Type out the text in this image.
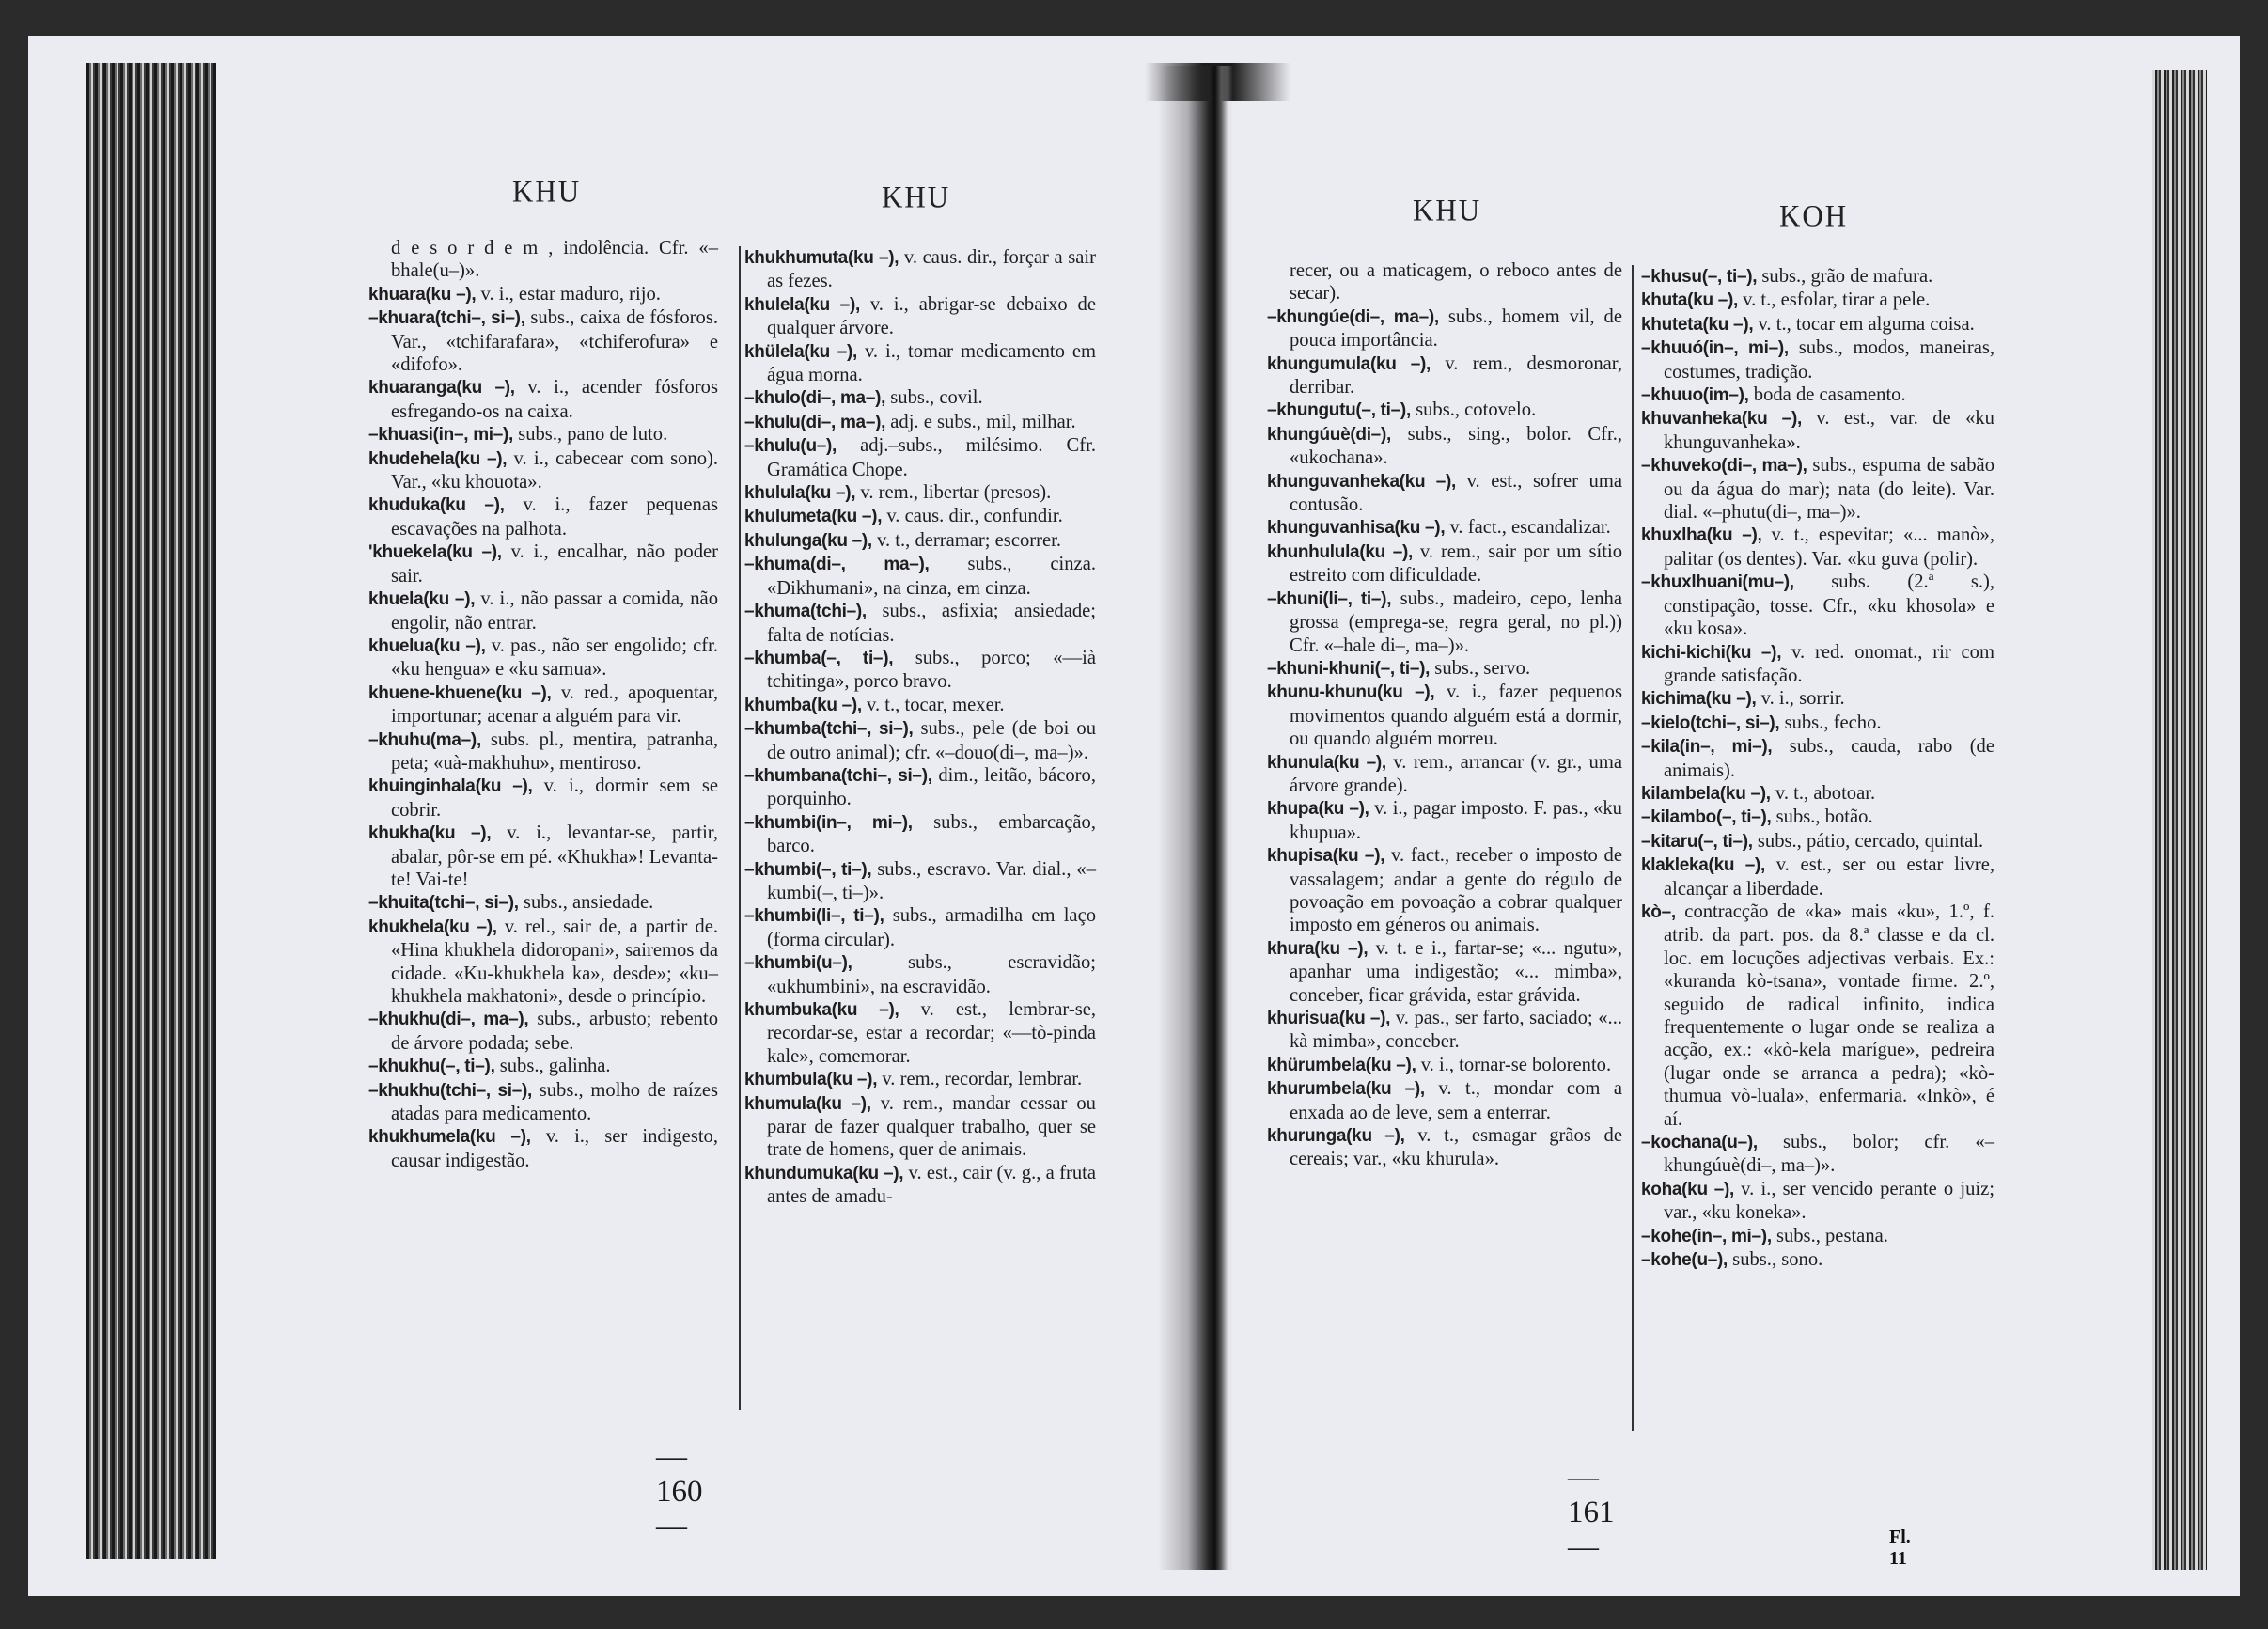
KHU	KHU

d e s o r d e m , indolência. Cfr. «–bhale(u–)».

khuara(ku –), v. i., estar maduro, rijo.

–khuara(tchi–, si–), subs., caixa de fósforos. Var., «tchifarafara», «tchiferofura» e «difofo».

khuaranga(ku –), v. i., acender fósforos esfregando-os na caixa.

–khuasi(in–, mi–), subs., pano de luto.

khudehela(ku –), v. i., cabecear com sono). Var., «ku khouota».

khuduka(ku –), v. i., fazer pequenas escavações na palhota.

'khuekela(ku –), v. i., encalhar, não poder sair.

khuela(ku –), v. i., não passar a comida, não engolir, não entrar.

khuelua(ku –), v. pas., não ser engolido; cfr. «ku hengua» e «ku samua».

khuene-khuene(ku –), v. red., apoquentar, importunar; acenar a alguém para vir.

–khuhu(ma–), subs. pl., mentira, patranha, peta; «uà-makhuhu», mentiroso.

khuinginhala(ku –), v. i., dormir sem se cobrir.

khukha(ku –), v. i., levantar-se, partir, abalar, pôr-se em pé. «Khukha»! Levanta-te! Vai-te!

–khuita(tchi–, si–), subs., ansiedade.

khukhela(ku –), v. rel., sair de, a partir de. «Hina khukhela didoropani», sairemos da cidade. «Ku-khukhela ka», desde»; «ku–khukhela makhatoni», desde o princípio.

–khukhu(di–, ma–), subs., arbusto; rebento de árvore podada; sebe.

–khukhu(–, ti–), subs., galinha.

–khukhu(tchi–, si–), subs., molho de raízes atadas para medicamento.

khukhumela(ku –), v. i., ser indigesto, causar indigestão.

khukhumuta(ku –), v. caus. dir., forçar a sair as fezes.

khulela(ku –), v. i., abrigar-se debaixo de qualquer árvore.

khülela(ku –), v. i., tomar medicamento em água morna.

–khulo(di–, ma–), subs., covil.

–khulu(di–, ma–), adj. e subs., mil, milhar.

–khulu(u–), adj.–subs., milésimo. Cfr. Gramática Chope.

khulula(ku –), v. rem., libertar (presos).

khulumeta(ku –), v. caus. dir., confundir.

khulunga(ku –), v. t., derramar; escorrer.

–khuma(di–, ma–), subs., cinza. «Dikhumani», na cinza, em cinza.

–khuma(tchi–), subs., asfixia; ansiedade; falta de notícias.

–khumba(–, ti–), subs., porco; «—ià tchitinga», porco bravo.

khumba(ku –), v. t., tocar, mexer.

–khumba(tchi–, si–), subs., pele (de boi ou de outro animal); cfr. «–douo(di–, ma–)».

–khumbana(tchi–, si–), dim., leitão, bácoro, porquinho.

–khumbi(in–, mi–), subs., embarcação, barco.

–khumbi(–, ti–), subs., escravo. Var. dial., «–kumbi(–, ti–)».

–khumbi(li–, ti–), subs., armadilha em laço (forma circular).

–khumbi(u–), subs., escravidão; «ukhumbini», na escravidão.

khumbuka(ku –), v. est., lembrar-se, recordar-se, estar a recordar; «—tò-pinda kale», comemorar.

khumbula(ku –), v. rem., recordar, lembrar.

khumula(ku –), v. rem., mandar cessar ou parar de fazer qualquer trabalho, quer se trate de homens, quer de animais.

khundumuka(ku –), v. est., cair (v. g., a fruta antes de amadu-

— 160 —
KHU	KOH

recer, ou a maticagem, o reboco antes de secar).

–khungúe(di–, ma–), subs., homem vil, de pouca importância.

khungumula(ku –), v. rem., desmoronar, derribar.

–khungutu(–, ti–), subs., cotovelo.

khungúuè(di–), subs., sing., bolor. Cfr., «ukochana».

khunguvanheka(ku –), v. est., sofrer uma contusão.

khunguvanhisa(ku –), v. fact., escandalizar.

khunhulula(ku –), v. rem., sair por um sítio estreito com dificuldade.

–khuni(li–, ti–), subs., madeiro, cepo, lenha grossa (emprega-se, regra geral, no pl.)) Cfr. «–hale di–, ma–)».

–khuni-khuni(–, ti–), subs., servo.

khunu-khunu(ku –), v. i., fazer pequenos movimentos quando alguém está a dormir, ou quando alguém morreu.

khunula(ku –), v. rem., arrancar (v. gr., uma árvore grande).

khupa(ku –), v. i., pagar imposto. F. pas., «ku khupua».

khupisa(ku –), v. fact., receber o imposto de vassalagem; andar a gente do régulo de povoação em povoação a cobrar qualquer imposto em géneros ou animais.

khura(ku –), v. t. e i., fartar-se; «... ngutu», apanhar uma indigestão; «... mimba», conceber, ficar grávida, estar grávida.

khurisua(ku –), v. pas., ser farto, saciado; «... kà mimba», conceber.

khürumbela(ku –), v. i., tornar-se bolorento.

khurumbela(ku –), v. t., mondar com a enxada ao de leve, sem a enterrar.

khurunga(ku –), v. t., esmagar grãos de cereais; var., «ku khurula».

–khusu(–, ti–), subs., grão de mafura.

khuta(ku –), v. t., esfolar, tirar a pele.

khuteta(ku –), v. t., tocar em alguma coisa.

–khuuó(in–, mi–), subs., modos, maneiras, costumes, tradição.

–khuuo(im–), boda de casamento.

khuvanheka(ku –), v. est., var. de «ku khunguvanheka».

–khuveko(di–, ma–), subs., espuma de sabão ou da água do mar); nata (do leite). Var. dial. «–phutu(di–, ma–)».

khuxlha(ku –), v. t., espevitar; «... manò», palitar (os dentes). Var. «ku guva (polir).

–khuxlhuani(mu–), subs. (2.ª s.), constipação, tosse. Cfr., «ku khosola» e «ku kosa».

kichi-kichi(ku –), v. red. onomat., rir com grande satisfação.

kichima(ku –), v. i., sorrir.

–kielo(tchi–, si–), subs., fecho.

–kila(in–, mi–), subs., cauda, rabo (de animais).

kilambela(ku –), v. t., abotoar.

–kilambo(–, ti–), subs., botão.

–kitaru(–, ti–), subs., pátio, cercado, quintal.

klakleka(ku –), v. est., ser ou estar livre, alcançar a liberdade.

kò–, contracção de «ka» mais «ku», 1.º, f. atrib. da part. pos. da 8.ª classe e da cl. loc. em locuções adjectivas verbais. Ex.: «kuranda kò-tsana», vontade firme. 2.º, seguido de radical infinito, indica frequentemente o lugar onde se realiza a acção, ex.: «kò-kela marígue», pedreira (lugar onde se arranca a pedra); «kò-thumua vò-luala», enfermaria. «Inkò», é aí.

–kochana(u–), subs., bolor; cfr. «–khungúuè(di–, ma–)».

koha(ku –), v. i., ser vencido perante o juiz; var., «ku koneka».

–kohe(in–, mi–), subs., pestana.

–kohe(u–), subs., sono.

— 161 —	Fl. 11
